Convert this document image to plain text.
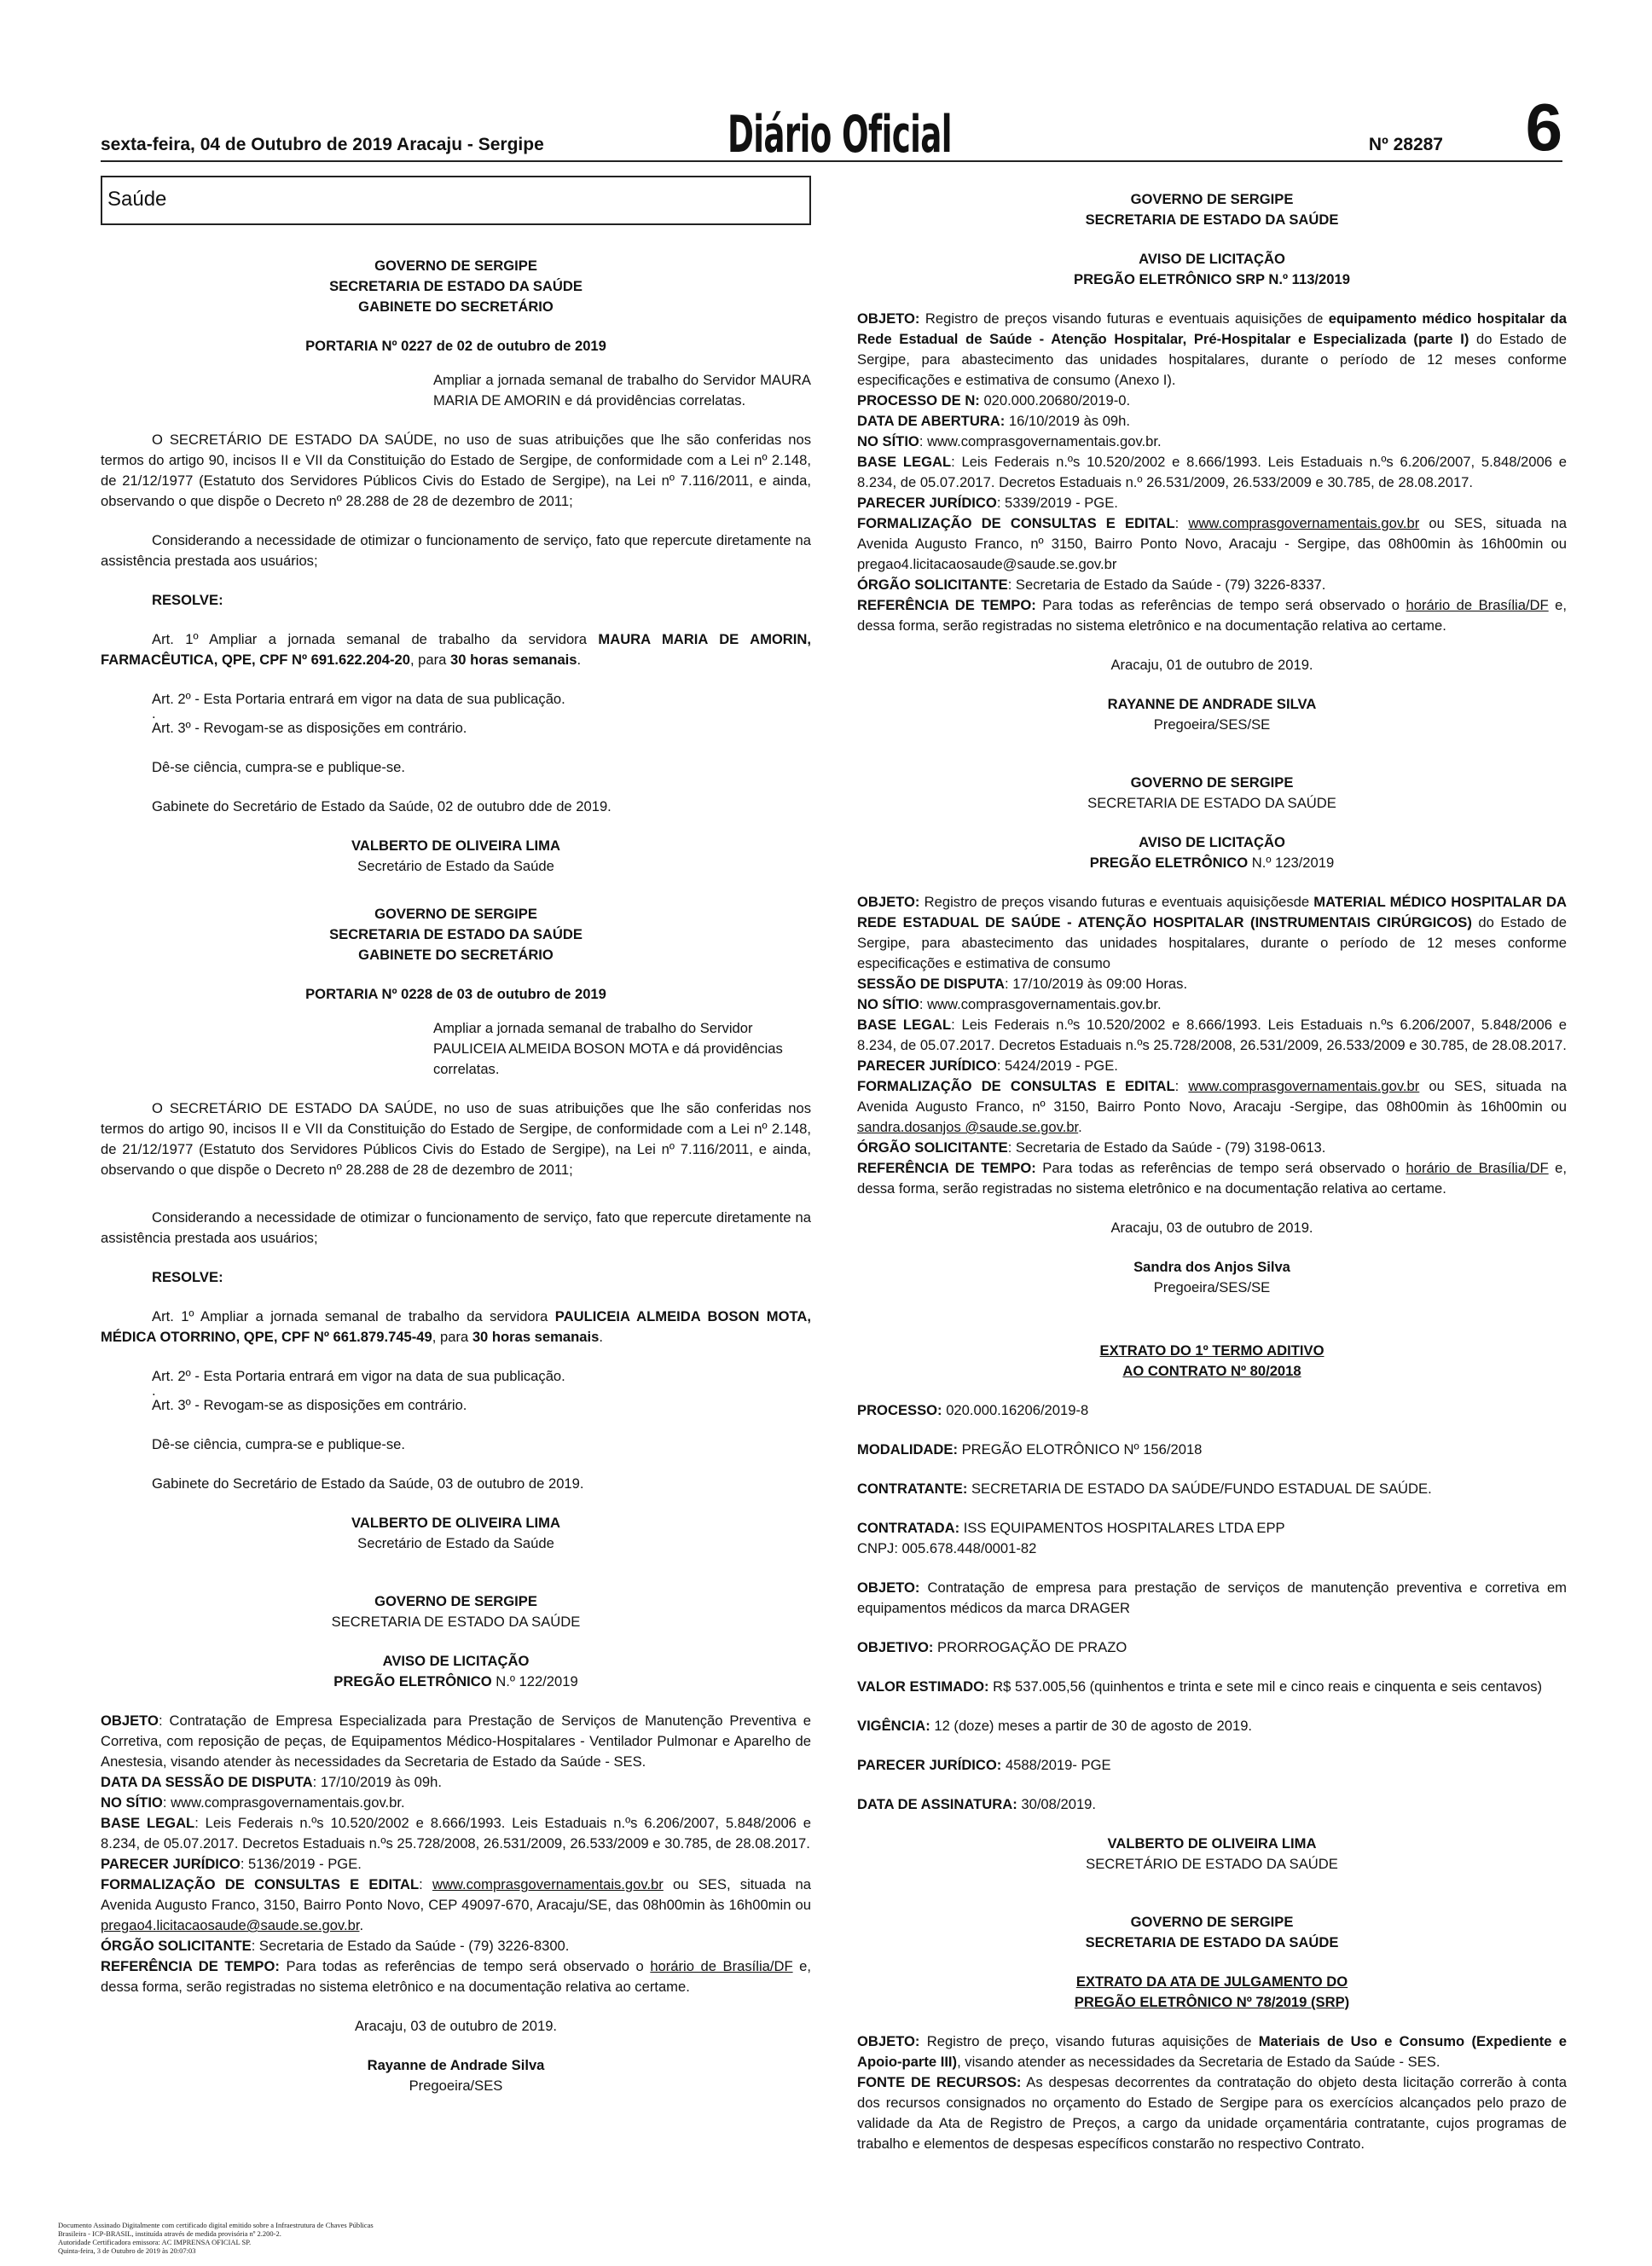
sexta-feira, 04 de Outubro de 2019 Aracaju - Sergipe	Diário Oficial	Nº 28287 6
Saúde

GOVERNO DE SERGIPE

SECRETARIA DE ESTADO DA SAÚDE

GABINETE DO SECRETÁRIO

PORTARIA Nº 0227 de 02 de outubro de 2019

Ampliar a jornada semanal de trabalho do Servidor MAURA MARIA DE AMORIN e dá providências correlatas.

O SECRETÁRIO DE ESTADO DA SAÚDE, no uso de suas atribuições que lhe são conferidas nos termos do artigo 90, incisos II e VII da Constituição do Estado de Sergipe, de conformidade com a Lei nº 2.148, de 21/12/1977 (Estatuto dos Servidores Públicos Civis do Estado de Sergipe), na Lei nº 7.116/2011, e ainda, observando o que dispõe o Decreto nº 28.288 de 28 de dezembro de 2011;

Considerando a necessidade de otimizar o funcionamento de serviço, fato que repercute diretamente na assistência prestada aos usuários;

RESOLVE:

Art. 1º Ampliar a jornada semanal de trabalho da servidora MAURA MARIA DE AMORIN, FARMACÊUTICA, QPE, CPF Nº 691.622.204-20, para 30 horas semanais.

Art. 2º - Esta Portaria entrará em vigor na data de sua publicação.

.

Art. 3º - Revogam-se as disposições em contrário.

Dê-se ciência, cumpra-se e publique-se.

Gabinete do Secretário de Estado da Saúde, 02 de outubro dde de 2019.

VALBERTO DE OLIVEIRA LIMA

Secretário de Estado da Saúde

GOVERNO DE SERGIPE

SECRETARIA DE ESTADO DA SAÚDE

GABINETE DO SECRETÁRIO

PORTARIA Nº 0228 de 03 de outubro de 2019

Ampliar a jornada semanal de trabalho do Servidor PAULICEIA ALMEIDA BOSON MOTA e dá providências correlatas.

O SECRETÁRIO DE ESTADO DA SAÚDE, no uso de suas atribuições que lhe são conferidas nos termos do artigo 90, incisos II e VII da Constituição do Estado de Sergipe, de conformidade com a Lei nº 2.148, de 21/12/1977 (Estatuto dos Servidores Públicos Civis do Estado de Sergipe), na Lei nº 7.116/2011, e ainda, observando o que dispõe o Decreto nº 28.288 de 28 de dezembro de 2011;

Considerando a necessidade de otimizar o funcionamento de serviço, fato que repercute diretamente na assistência prestada aos usuários;

RESOLVE:

Art. 1º Ampliar a jornada semanal de trabalho da servidora PAULICEIA ALMEIDA BOSON MOTA, MÉDICA OTORRINO, QPE, CPF Nº 661.879.745-49, para 30 horas semanais.

Art. 2º - Esta Portaria entrará em vigor na data de sua publicação.

.

Art. 3º - Revogam-se as disposições em contrário.

Dê-se ciência, cumpra-se e publique-se.

Gabinete do Secretário de Estado da Saúde, 03 de outubro de 2019.

VALBERTO DE OLIVEIRA LIMA

Secretário de Estado da Saúde

GOVERNO DE SERGIPE

SECRETARIA DE ESTADO DA SAÚDE

AVISO DE LICITAÇÃO

PREGÃO ELETRÔNICO N.º 122/2019

OBJETO: Contratação de Empresa Especializada para Prestação de Serviços de Manutenção Preventiva e Corretiva, com reposição de peças, de Equipamentos Médico-Hospitalares - Ventilador Pulmonar e Aparelho de Anestesia, visando atender às necessidades da Secretaria de Estado da Saúde - SES.

DATA DA SESSÃO DE DISPUTA: 17/10/2019 às 09h.

NO SÍTIO: www.comprasgovernamentais.gov.br.

BASE LEGAL: Leis Federais n.ºs 10.520/2002 e 8.666/1993. Leis Estaduais n.ºs 6.206/2007, 5.848/2006 e 8.234, de 05.07.2017. Decretos Estaduais n.ºs 25.728/2008, 26.531/2009, 26.533/2009 e 30.785, de 28.08.2017.

PARECER JURÍDICO: 5136/2019 - PGE.

FORMALIZAÇÃO DE CONSULTAS E EDITAL: www.comprasgovernamentais.gov.br ou SES, situada na Avenida Augusto Franco, 3150, Bairro Ponto Novo, CEP 49097-670, Aracaju/SE, das 08h00min às 16h00min ou pregao4.licitacaosaude@saude.se.gov.br.

ÓRGÃO SOLICITANTE: Secretaria de Estado da Saúde - (79) 3226-8300.

REFERÊNCIA DE TEMPO: Para todas as referências de tempo será observado o horário de Brasília/DF e, dessa forma, serão registradas no sistema eletrônico e na documentação relativa ao certame.

Aracaju, 03 de outubro de 2019.

Rayanne de Andrade Silva

Pregoeira/SES

GOVERNO DE SERGIPE

SECRETARIA DE ESTADO DA SAÚDE

AVISO DE LICITAÇÃO

PREGÃO ELETRÔNICO SRP N.º 113/2019

OBJETO: Registro de preços visando futuras e eventuais aquisições de equipamento médico hospitalar da Rede Estadual de Saúde - Atenção Hospitalar, Pré-Hospitalar e Especializada (parte I) do Estado de Sergipe, para abastecimento das unidades hospitalares, durante o período de 12 meses conforme especificações e estimativa de consumo (Anexo I).

PROCESSO DE N: 020.000.20680/2019-0.

DATA DE ABERTURA: 16/10/2019 às 09h.

NO SÍTIO: www.comprasgovernamentais.gov.br.

BASE LEGAL: Leis Federais n.ºs 10.520/2002 e 8.666/1993. Leis Estaduais n.ºs 6.206/2007, 5.848/2006 e 8.234, de 05.07.2017. Decretos Estaduais n.º 26.531/2009, 26.533/2009 e 30.785, de 28.08.2017.

PARECER JURÍDICO: 5339/2019 - PGE.

FORMALIZAÇÃO DE CONSULTAS E EDITAL: www.comprasgovernamentais.gov.br ou SES, situada na Avenida Augusto Franco, nº 3150, Bairro Ponto Novo, Aracaju - Sergipe, das 08h00min às 16h00min ou pregao4.licitacaosaude@saude.se.gov.br

ÓRGÃO SOLICITANTE: Secretaria de Estado da Saúde - (79) 3226-8337.

REFERÊNCIA DE TEMPO: Para todas as referências de tempo será observado o horário de Brasília/DF e, dessa forma, serão registradas no sistema eletrônico e na documentação relativa ao certame.

Aracaju, 01 de outubro de 2019.

RAYANNE DE ANDRADE SILVA

Pregoeira/SES/SE

GOVERNO DE SERGIPE

SECRETARIA DE ESTADO DA SAÚDE

AVISO DE LICITAÇÃO

PREGÃO ELETRÔNICO N.º 123/2019

OBJETO: Registro de preços visando futuras e eventuais aquisiçõesde MATERIAL MÉDICO HOSPITALAR DA REDE ESTADUAL DE SAÚDE - ATENÇÃO HOSPITALAR (INSTRUMENTAIS CIRÚRGICOS) do Estado de Sergipe, para abastecimento das unidades hospitalares, durante o período de 12 meses conforme especificações e estimativa de consumo

SESSÃO DE DISPUTA: 17/10/2019 às 09:00 Horas.

NO SÍTIO: www.comprasgovernamentais.gov.br.

BASE LEGAL: Leis Federais n.ºs 10.520/2002 e 8.666/1993. Leis Estaduais n.ºs 6.206/2007, 5.848/2006 e 8.234, de 05.07.2017. Decretos Estaduais n.ºs 25.728/2008, 26.531/2009, 26.533/2009 e 30.785, de 28.08.2017.

PARECER JURÍDICO: 5424/2019 - PGE.

FORMALIZAÇÃO DE CONSULTAS E EDITAL: www.comprasgovernamentais.gov.br ou SES, situada na Avenida Augusto Franco, nº 3150, Bairro Ponto Novo, Aracaju -Sergipe, das 08h00min às 16h00min ou sandra.dosanjos @saude.se.gov.br.

ÓRGÃO SOLICITANTE: Secretaria de Estado da Saúde - (79) 3198-0613.

REFERÊNCIA DE TEMPO: Para todas as referências de tempo será observado o horário de Brasília/DF e, dessa forma, serão registradas no sistema eletrônico e na documentação relativa ao certame.

Aracaju, 03 de outubro de 2019.

Sandra dos Anjos Silva

Pregoeira/SES/SE

EXTRATO DO 1º TERMO ADITIVO

AO CONTRATO Nº 80/2018

PROCESSO: 020.000.16206/2019-8

MODALIDADE: PREGÃO ELOTRÔNICO Nº 156/2018

CONTRATANTE: SECRETARIA DE ESTADO DA SAÚDE/FUNDO ESTADUAL DE SAÚDE.

CONTRATADA: ISS EQUIPAMENTOS HOSPITALARES LTDA EPP

CNPJ: 005.678.448/0001-82

OBJETO: Contratação de empresa para prestação de serviços de manutenção preventiva e corretiva em equipamentos médicos da marca DRAGER

OBJETIVO: PRORROGAÇÃO DE PRAZO

VALOR ESTIMADO: R$ 537.005,56 (quinhentos e trinta e sete mil e cinco reais e cinquenta e seis centavos)

VIGÊNCIA: 12 (doze) meses a partir de 30 de agosto de 2019.

PARECER JURÍDICO: 4588/2019- PGE

DATA DE ASSINATURA: 30/08/2019.

VALBERTO DE OLIVEIRA LIMA

SECRETÁRIO DE ESTADO DA SAÚDE

GOVERNO DE SERGIPE

SECRETARIA DE ESTADO DA SAÚDE

EXTRATO DA ATA DE JULGAMENTO DO

PREGÃO ELETRÔNICO Nº 78/2019 (SRP)

OBJETO: Registro de preço, visando futuras aquisições de Materiais de Uso e Consumo (Expediente e Apoio-parte III), visando atender as necessidades da Secretaria de Estado da Saúde - SES.

FONTE DE RECURSOS: As despesas decorrentes da contratação do objeto desta licitação correrão à conta dos recursos consignados no orçamento do Estado de Sergipe para os exercícios alcançados pelo prazo de validade da Ata de Registro de Preços, a cargo da unidade orçamentária contratante, cujos programas de trabalho e elementos de despesas específicos constarão no respectivo Contrato.

Documento Assinado Digitalmente com certificado digital emitido sobre a Infraestrutura de Chaves Públicas
Brasileira - ICP-BRASIL, instituída através de medida provisória nº 2.200-2.
Autoridade Certificadora emissora: AC IMPRENSA OFICIAL SP.
Quinta-feira, 3 de Outubro de 2019 às 20:07:03
